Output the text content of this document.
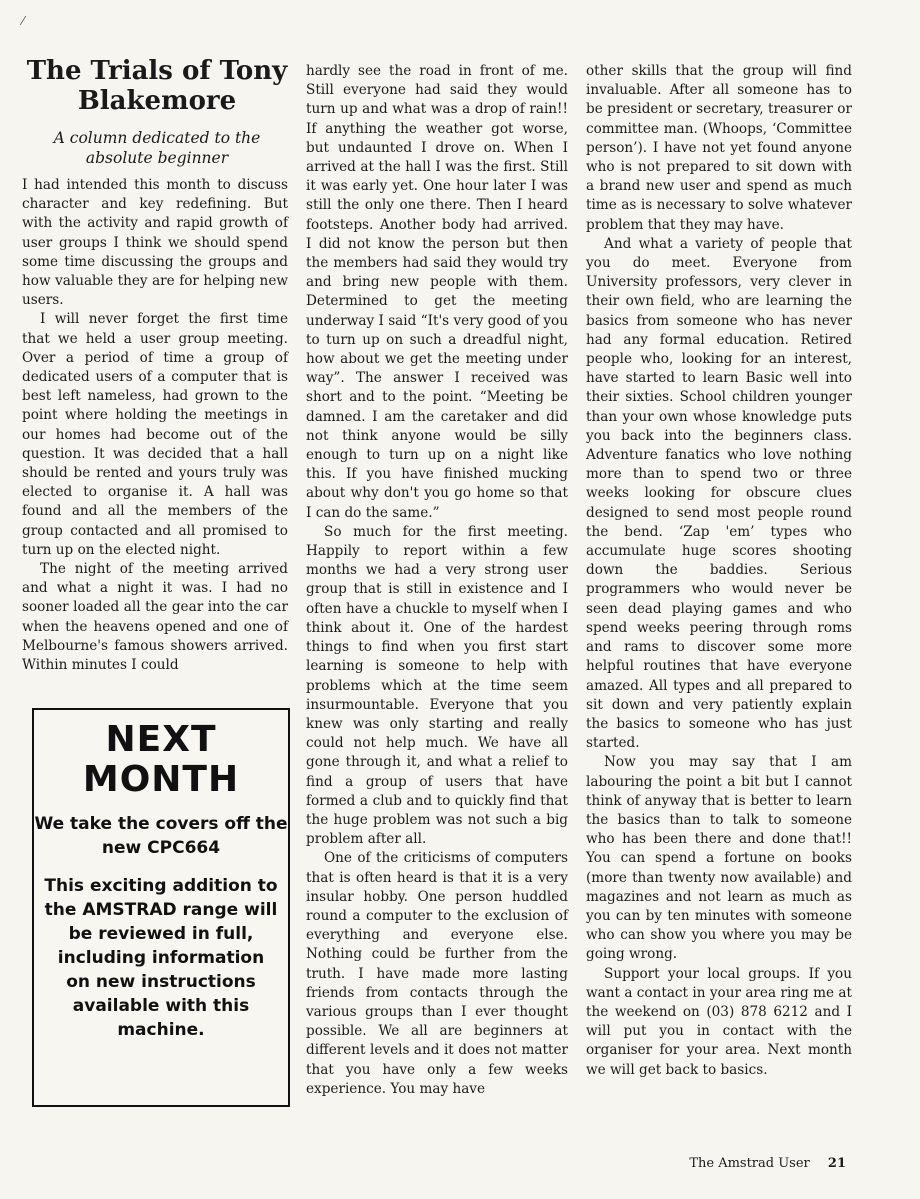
⁄
The Trials of Tony Blakemore
A column dedicated to the absolute beginner

I had intended this month to discuss character and key redefining. But with the activity and rapid growth of user groups I think we should spend some time discussing the groups and how valuable they are for helping new users.

I will never forget the first time that we held a user group meeting. Over a period of time a group of dedicated users of a computer that is best left nameless, had grown to the point where holding the meetings in our homes had become out of the question. It was decided that a hall should be rented and yours truly was elected to organise it. A hall was found and all the members of the group contacted and all promised to turn up on the elected night.

The night of the meeting arrived and what a night it was. I had no sooner loaded all the gear into the car when the heavens opened and one of Melbourne's famous showers arrived. Within minutes I could

hardly see the road in front of me. Still everyone had said they would turn up and what was a drop of rain!! If anything the weather got worse, but undaunted I drove on. When I arrived at the hall I was the first. Still it was early yet. One hour later I was still the only one there. Then I heard footsteps. Another body had arrived. I did not know the person but then the members had said they would try and bring new people with them. Determined to get the meeting underway I said “It's very good of you to turn up on such a dreadful night, how about we get the meeting under way”. The answer I received was short and to the point. “Meeting be damned. I am the caretaker and did not think anyone would be silly enough to turn up on a night like this. If you have finished mucking about why don't you go home so that I can do the same.”

So much for the first meeting. Happily to report within a few months we had a very strong user group that is still in existence and I often have a chuckle to myself when I think about it. One of the hardest things to find when you first start learning is someone to help with problems which at the time seem insurmountable. Everyone that you knew was only starting and really could not help much. We have all gone through it, and what a relief to find a group of users that have formed a club and to quickly find that the huge problem was not such a big problem after all.

One of the criticisms of computers that is often heard is that it is a very insular hobby. One person huddled round a computer to the exclusion of everything and everyone else. Nothing could be further from the truth. I have made more lasting friends from contacts through the various groups than I ever thought possible. We all are beginners at different levels and it does not matter that you have only a few weeks experience. You may have

other skills that the group will find invaluable. After all someone has to be president or secretary, treasurer or committee man. (Whoops, ‘Committee person’). I have not yet found anyone who is not prepared to sit down with a brand new user and spend as much time as is necessary to solve whatever problem that they may have.

And what a variety of people that you do meet. Everyone from University professors, very clever in their own field, who are learning the basics from someone who has never had any formal education. Retired people who, looking for an interest, have started to learn Basic well into their sixties. School children younger than your own whose knowledge puts you back into the beginners class. Adventure fanatics who love nothing more than to spend two or three weeks looking for obscure clues designed to send most people round the bend. ‘Zap 'em’ types who accumulate huge scores shooting down the baddies. Serious programmers who would never be seen dead playing games and who spend weeks peering through roms and rams to discover some more helpful routines that have everyone amazed. All types and all prepared to sit down and very patiently explain the basics to someone who has just started.

Now you may say that I am labouring the point a bit but I cannot think of anyway that is better to learn the basics than to talk to someone who has been there and done that!! You can spend a fortune on books (more than twenty now available) and magazines and not learn as much as you can by ten minutes with someone who can show you where you may be going wrong.

Support your local groups. If you want a contact in your area ring me at the weekend on (03) 878 6212 and I will put you in contact with the organiser for your area. Next month we will get back to basics.

NEXT
MONTH
We take the covers off the new CPC664
This exciting addition to the AMSTRAD range will be reviewed in full, including information on new instructions available with this machine.
The Amstrad User 21
